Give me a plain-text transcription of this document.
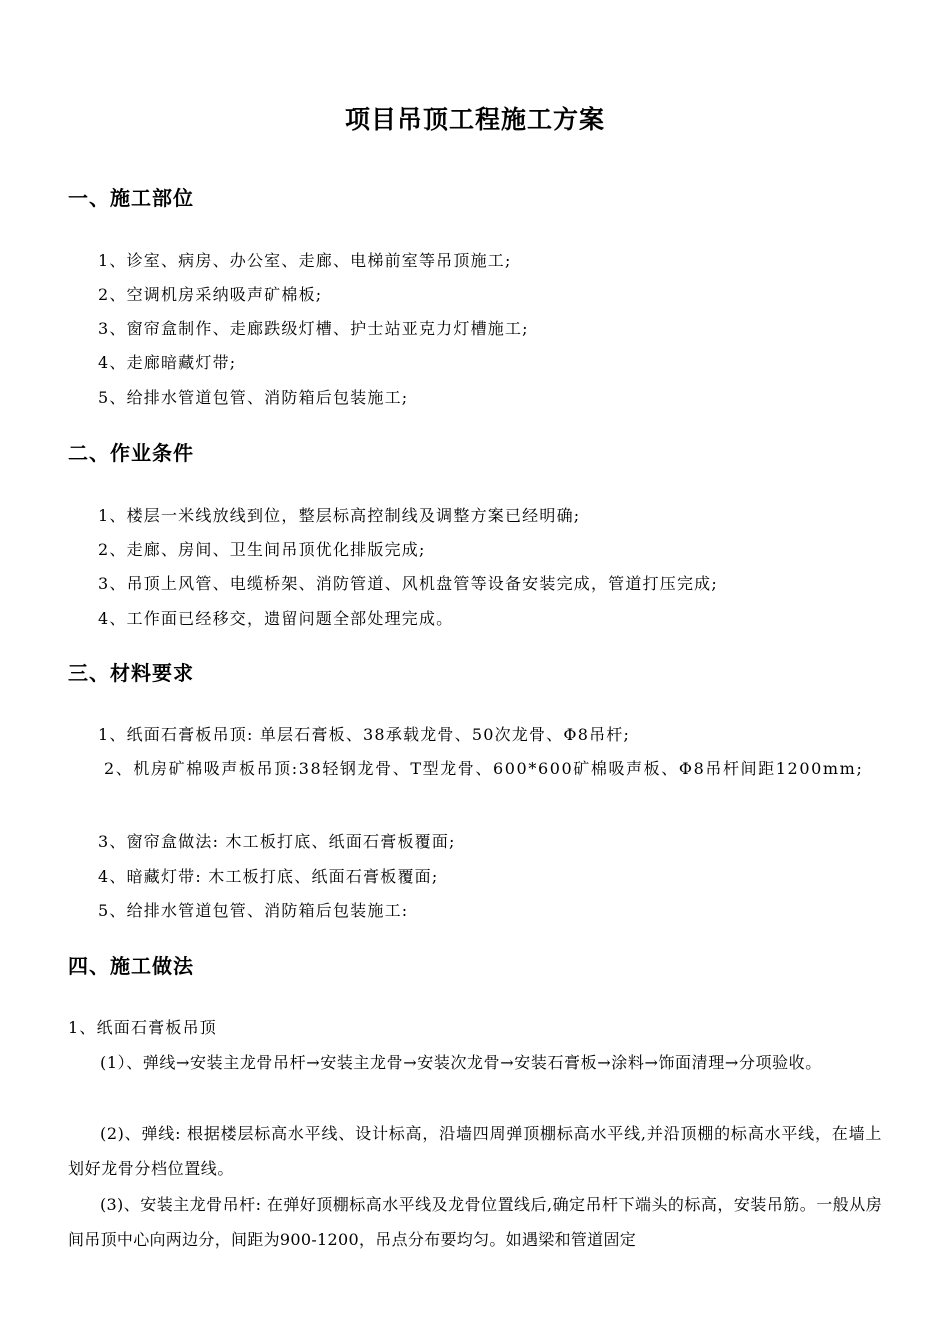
项目吊顶工程施工方案
一、施工部位
1、诊室、病房、办公室、走廊、电梯前室等吊顶施工;
2、空调机房采纳吸声矿棉板;
3、窗帘盒制作、走廊跌级灯槽、护士站亚克力灯槽施工;
4、走廊暗藏灯带;
5、给排水管道包管、消防箱后包装施工;
二、作业条件
1、楼层一米线放线到位，整层标高控制线及调整方案已经明确;
2、走廊、房间、卫生间吊顶优化排版完成;
3、吊顶上风管、电缆桥架、消防管道、风机盘管等设备安装完成，管道打压完成;
4、工作面已经移交，遗留问题全部处理完成。
三、材料要求
1、纸面石膏板吊顶: 单层石膏板、38承载龙骨、50次龙骨、Φ8吊杆;
2、机房矿棉吸声板吊顶:38轻钢龙骨、T型龙骨、600*600矿棉吸声板、Φ8吊杆间距1200mm;
3、窗帘盒做法: 木工板打底、纸面石膏板覆面;
4、暗藏灯带: 木工板打底、纸面石膏板覆面;
5、给排水管道包管、消防箱后包装施工:
四、施工做法
1、纸面石膏板吊顶
(1）、弹线→安装主龙骨吊杆→安装主龙骨→安装次龙骨→安装石膏板→涂料→饰面清理→分项验收。
(2)、弹线: 根据楼层标高水平线、设计标高，沿墙四周弹顶棚标高水平线,并沿顶棚的标高水平线，在墙上划好龙骨分档位置线。
(3)、安装主龙骨吊杆: 在弹好顶棚标高水平线及龙骨位置线后,确定吊杆下端头的标高，安装吊筋。一般从房间吊顶中心向两边分，间距为900-1200，吊点分布要均匀。如遇梁和管道固定
